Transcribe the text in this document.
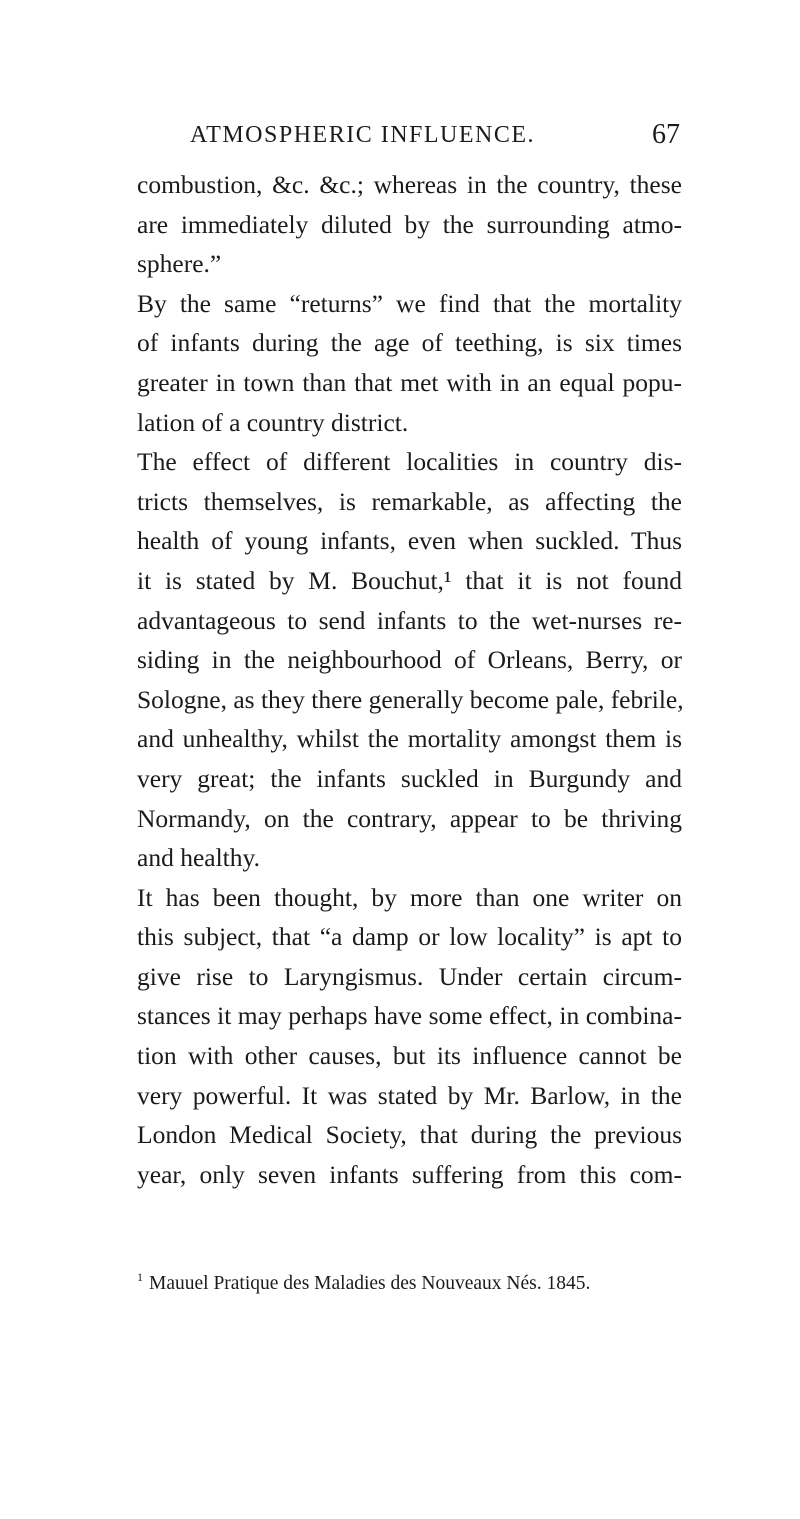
ATMOSPHERIC INFLUENCE.	67
combustion, &c. &c.; whereas in the country, these
are immediately diluted by the surrounding atmo-
sphere.”
By the same “returns” we find that the mortality
of infants during the age of teething, is six times
greater in town than that met with in an equal popu-
lation of a country district.
The effect of different localities in country dis-
tricts themselves, is remarkable, as affecting the
health of young infants, even when suckled. Thus
it is stated by M. Bouchut,¹ that it is not found
advantageous to send infants to the wet-nurses re-
siding in the neighbourhood of Orleans, Berry, or
Sologne, as they there generally become pale, febrile,
and unhealthy, whilst the mortality amongst them is
very great; the infants suckled in Burgundy and
Normandy, on the contrary, appear to be thriving
and healthy.
It has been thought, by more than one writer on
this subject, that “a damp or low locality” is apt to
give rise to Laryngismus. Under certain circum-
stances it may perhaps have some effect, in combina-
tion with other causes, but its influence cannot be
very powerful. It was stated by Mr. Barlow, in the
London Medical Society, that during the previous
year, only seven infants suffering from this com-
$^1$ Mauuel Pratique des Maladies des Nouveaux Nés. 1845.
